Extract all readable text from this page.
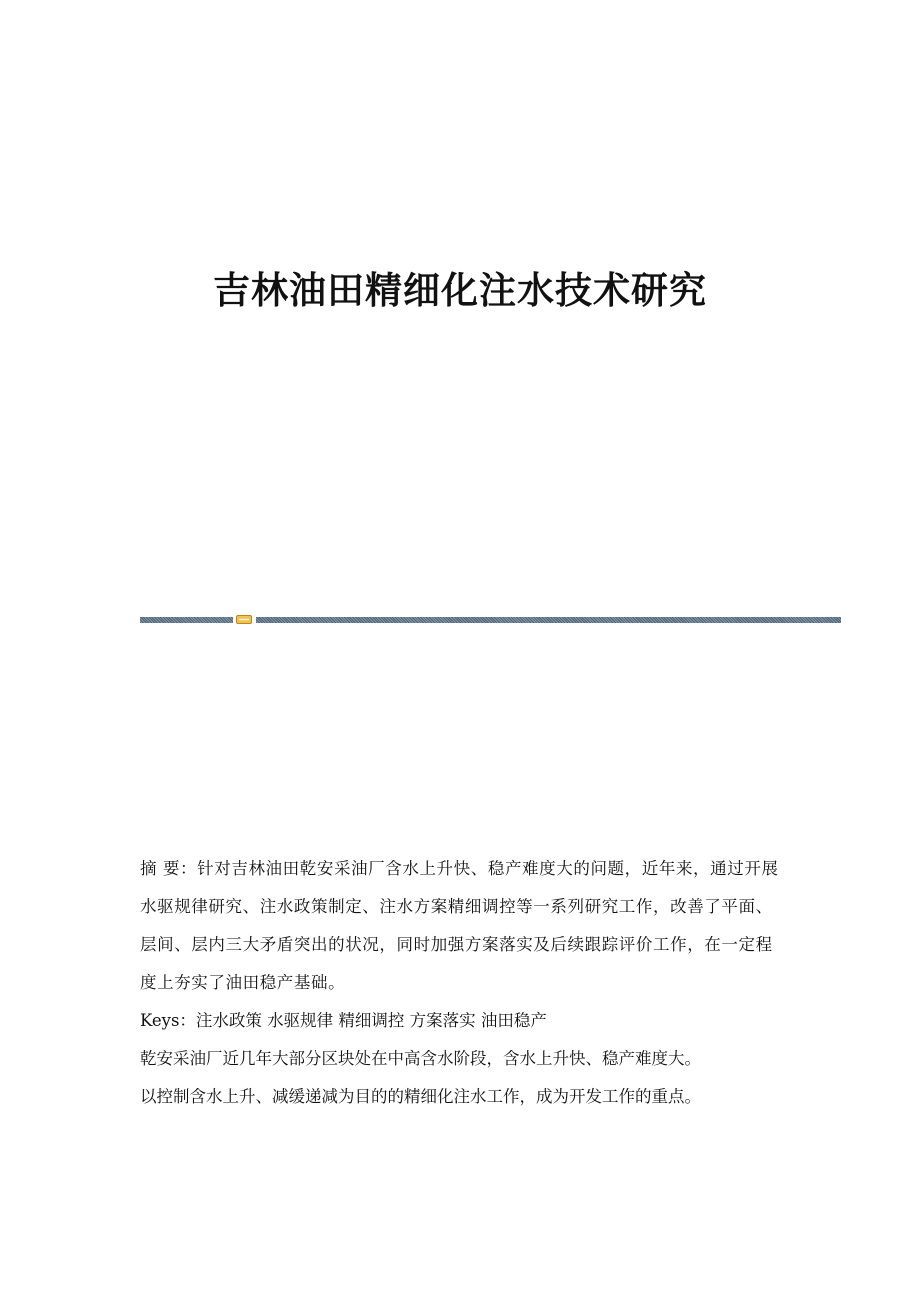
吉林油田精细化注水技术研究

摘 要：针对吉林油田乾安采油厂含水上升快、稳产难度大的问题，近年来，通过开展水驱规律研究、注水政策制定、注水方案精细调控等一系列研究工作，改善了平面、层间、层内三大矛盾突出的状况，同时加强方案落实及后续跟踪评价工作，在一定程度上夯实了油田稳产基础。

Keys：注水政策 水驱规律 精细调控 方案落实 油田稳产

乾安采油厂近几年大部分区块处在中高含水阶段，含水上升快、稳产难度大。

以控制含水上升、减缓递减为目的的精细化注水工作，成为开发工作的重点。
